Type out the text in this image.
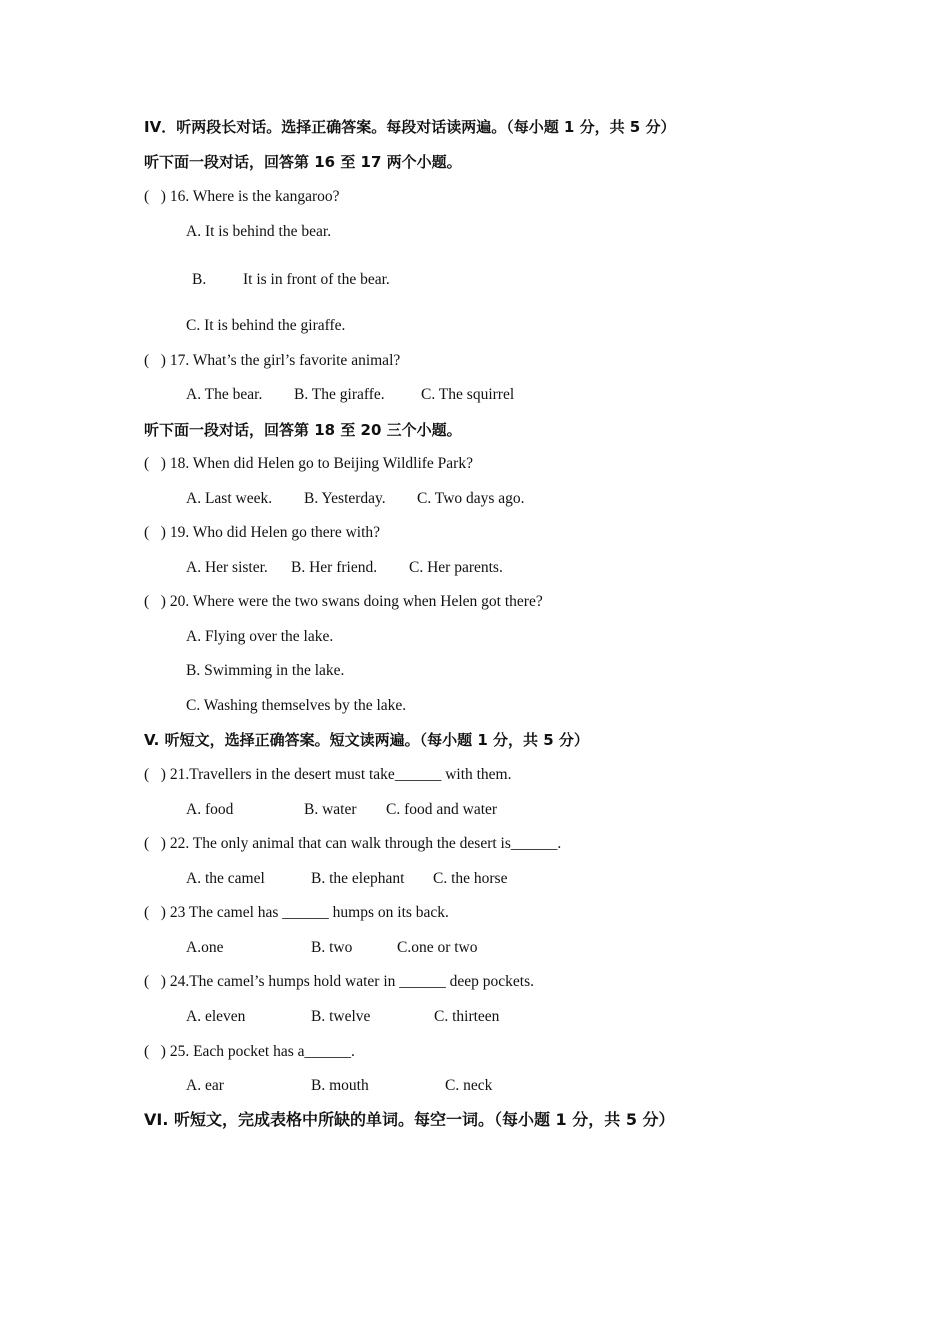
IV．听两段长对话。选择正确答案。每段对话读两遍。（每小题 1 分，共 5 分）
听下面一段对话，回答第 16 至 17 两个小题。
(   ) 16. Where is the kangaroo?
A. It is behind the bear.
B. It is in front of the bear.
C. It is behind the giraffe.
(   ) 17. What’s the girl’s favorite animal?
A. The bear. B. The giraffe. C. The squirrel
听下面一段对话，回答第 18 至 20 三个小题。
(   ) 18. When did Helen go to Beijing Wildlife Park?
A. Last week. B. Yesterday. C. Two days ago.
(   ) 19. Who did Helen go there with?
A. Her sister. B. Her friend. C. Her parents.
(   ) 20. Where were the two swans doing when Helen got there?
A. Flying over the lake.
B. Swimming in the lake.
C. Washing themselves by the lake.
V. 听短文，选择正确答案。短文读两遍。（每小题 1 分，共 5 分）
(   ) 21.Travellers in the desert must take______ with them.
A. food	B. water C. food and water
(   ) 22. The only animal that can walk through the desert is______.
A. the camel	B. the elephant C. the horse
(   ) 23 The camel has ______ humps on its back.
A.one	B. two	C.one or two
(   ) 24.The camel’s humps hold water in ______ deep pockets.
A. eleven	B. twelve	C. thirteen
(   ) 25. Each pocket has a______.
A. ear	B. mouth	C. neck
VI. 听短文，完成表格中所缺的单词。每空一词。（每小题 1 分，共 5 分）
